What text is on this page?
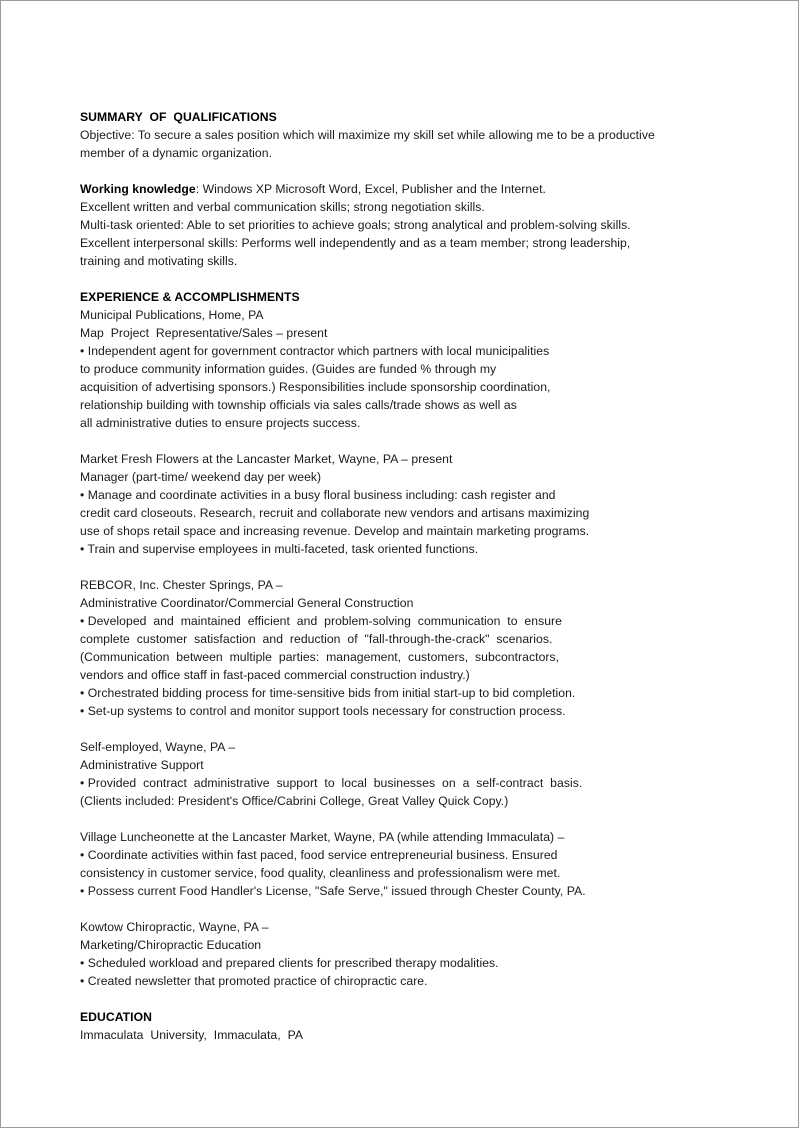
SUMMARY  OF  QUALIFICATIONS
Objective: To secure a sales position which will maximize my skill set while allowing me to be a productive
member of a dynamic organization.
Working knowledge: Windows XP Microsoft Word, Excel, Publisher and the Internet.
Excellent written and verbal communication skills; strong negotiation skills.
Multi-task oriented: Able to set priorities to achieve goals; strong analytical and problem-solving skills.
Excellent interpersonal skills: Performs well independently and as a team member; strong leadership,
training and motivating skills.
EXPERIENCE & ACCOMPLISHMENTS
Municipal Publications, Home, PA
Map  Project  Representative/Sales – present
• Independent agent for government contractor which partners with local municipalities
to produce community information guides. (Guides are funded % through my
acquisition of advertising sponsors.) Responsibilities include sponsorship coordination,
relationship building with township officials via sales calls/trade shows as well as
all administrative duties to ensure projects success.
Market Fresh Flowers at the Lancaster Market, Wayne, PA – present
Manager (part-time/ weekend day per week)
• Manage and coordinate activities in a busy floral business including: cash register and
credit card closeouts. Research, recruit and collaborate new vendors and artisans maximizing
use of shops retail space and increasing revenue. Develop and maintain marketing programs.
• Train and supervise employees in multi-faceted, task oriented functions.
REBCOR, Inc. Chester Springs, PA –
Administrative Coordinator/Commercial General Construction
• Developed  and  maintained  efficient  and  problem-solving  communication  to  ensure
complete  customer  satisfaction  and  reduction  of  "fall-through-the-crack"  scenarios.
(Communication  between  multiple  parties:  management,  customers,  subcontractors,
vendors and office staff in fast-paced commercial construction industry.)
• Orchestrated bidding process for time-sensitive bids from initial start-up to bid completion.
• Set-up systems to control and monitor support tools necessary for construction process.
Self-employed, Wayne, PA –
Administrative Support
• Provided  contract  administrative  support  to  local  businesses  on  a  self-contract  basis.
(Clients included: President's Office/Cabrini College, Great Valley Quick Copy.)
Village Luncheonette at the Lancaster Market, Wayne, PA (while attending Immaculata) –
• Coordinate activities within fast paced, food service entrepreneurial business. Ensured
consistency in customer service, food quality, cleanliness and professionalism were met.
• Possess current Food Handler's License, "Safe Serve," issued through Chester County, PA.
Kowtow Chiropractic, Wayne, PA –
Marketing/Chiropractic Education
• Scheduled workload and prepared clients for prescribed therapy modalities.
• Created newsletter that promoted practice of chiropractic care.
EDUCATION
Immaculata  University,  Immaculata,  PA
